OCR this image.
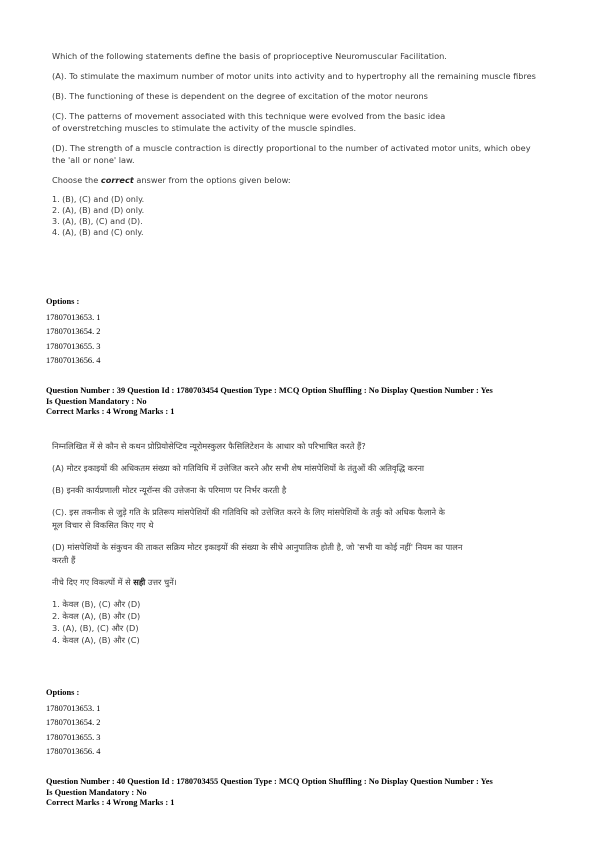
Which of the following statements define the basis of proprioceptive Neuromuscular Facilitation.

(A). To stimulate the maximum number of motor units into activity and to hypertrophy all the remaining muscle fibres

(B). The functioning of these is dependent on the degree of excitation of the motor neurons

(C). The patterns of movement associated with this technique were evolved from the basic idea
of overstretching muscles to stimulate the activity of the muscle spindles.

(D). The strength of a muscle contraction is directly proportional to the number of activated motor units, which obey
the 'all or none' law.

Choose the correct answer from the options given below:

1. (B), (C) and (D) only.
2. (A), (B) and (D) only.
3. (A), (B), (C) and (D).
4. (A), (B) and (C) only.
Options :
17807013653. 1
17807013654. 2
17807013655. 3
17807013656. 4
Question Number : 39 Question Id : 1780703454 Question Type : MCQ Option Shuffling : No Display Question Number : Yes
Is Question Mandatory : No
Correct Marks : 4 Wrong Marks : 1

निम्नलिखित में से कौन से कथन प्रोप्रियोसेप्टिव न्यूरोमस्कुलर फैसिलिटेशन के आधार को परिभाषित करते हैं?

(A) मोटर इकाइयों की अधिकतम संख्या को गतिविधि में उत्तेजित करने और सभी शेष मांसपेशियों के तंतुओं की अतिवृद्धि करना

(B) इनकी कार्यप्रणाली मोटर न्यूरॉन्स की उत्तेजना के परिमाण पर निर्भर करती है

(C). इस तकनीक से जुड़े गति के प्रतिरूप मांसपेशियों की गतिविधि को उत्तेजित करने के लिए मांसपेशियों के तर्कु को अधिक फैलाने के
मूल विचार से विकसित किए गए थे

(D) मांसपेशियों के संकुचन की ताकत सक्रिय मोटर इकाइयों की संख्या के सीधे आनुपातिक होती है, जो 'सभी या कोई नहीं' नियम का पालन
करती हैं

नीचे दिए गए विकल्पों में से सही उत्तर चुनें।

1. केवल (B), (C) और (D)
2. केवल (A), (B) और (D)
3. (A), (B), (C) और (D)
4. केवल (A), (B) और (C)
Options :
17807013653. 1
17807013654. 2
17807013655. 3
17807013656. 4
Question Number : 40 Question Id : 1780703455 Question Type : MCQ Option Shuffling : No Display Question Number : Yes
Is Question Mandatory : No
Correct Marks : 4 Wrong Marks : 1
